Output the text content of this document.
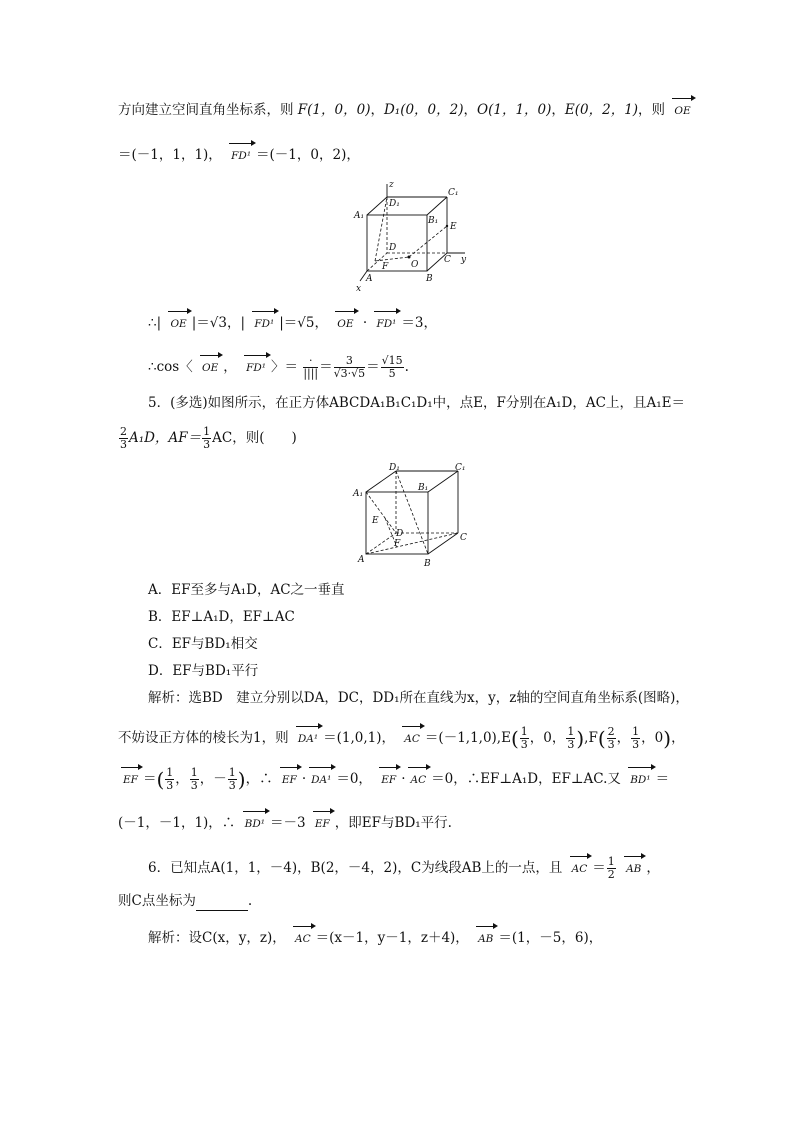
方向建立空间直角坐标系，则 F(1，0，0)，D₁(0，0，2)，O(1，1，0)，E(0，2，1)，则 OE
＝(－1，1，1)， FD¹ ＝(－1，0，2)，
z
C₁
A₁
D₁
B₁
E
D
F	O	C y
A	B
x
∴| OE |＝√3，| FD¹ |＝√5， OE · FD¹ ＝3，
∴cos〈 OE ， FD¹ 〉＝ $\frac{\cdot}{||||} = \frac{3}{√3\cdot√5} = \frac{√15}{5}$ .
5．(多选)如图所示，在正方体ABCDA₁B₁C₁D₁中，点E，F分别在A₁D，AC上，且A₁E＝
$\frac{2}{3} A_1D$，$AF= \frac{1}{3}$ AC，则(　　)
D₁	C₁
A₁
B₁
E
D
F
C
A	B
A．EF至多与A₁D，AC之一垂直
B．EF⊥A₁D，EF⊥AC
C．EF与BD₁相交
D．EF与BD₁平行
解析：选BD　建立分别以DA，DC，DD₁所在直线为x，y，z轴的空间直角坐标系(图略)，
不妨设正方体的棱长为1，则 DA¹ ＝(1,0,1)， AC $=(-1,1,0),E( \frac{1}{3}$ ，0， $\frac{1}{3} ),F( \frac{2}{3}$ ， $\frac{1}{3}$ ，0)，
EF ＝( $\frac{1}{3}$ ， $\frac{1}{3}$ ，－ $\frac{1}{3}$ )，∴ EF · DA¹ ＝0， EF · AC ＝0，∴EF⊥A₁D，EF⊥AC.又 BD¹ ＝
(－1，－1，1)，∴ BD¹ ＝－3 EF ，即EF与BD₁平行.
6．已知点A(1，1，－4)，B(2，－4，2)，C为线段AB上的一点，且 AC ＝ $\frac{1}{2}$ AB ，
则C点坐标为	.
解析：设C(x，y，z)， AC ＝(x－1，y－1，z＋4)， AB ＝(1，－5，6)，
